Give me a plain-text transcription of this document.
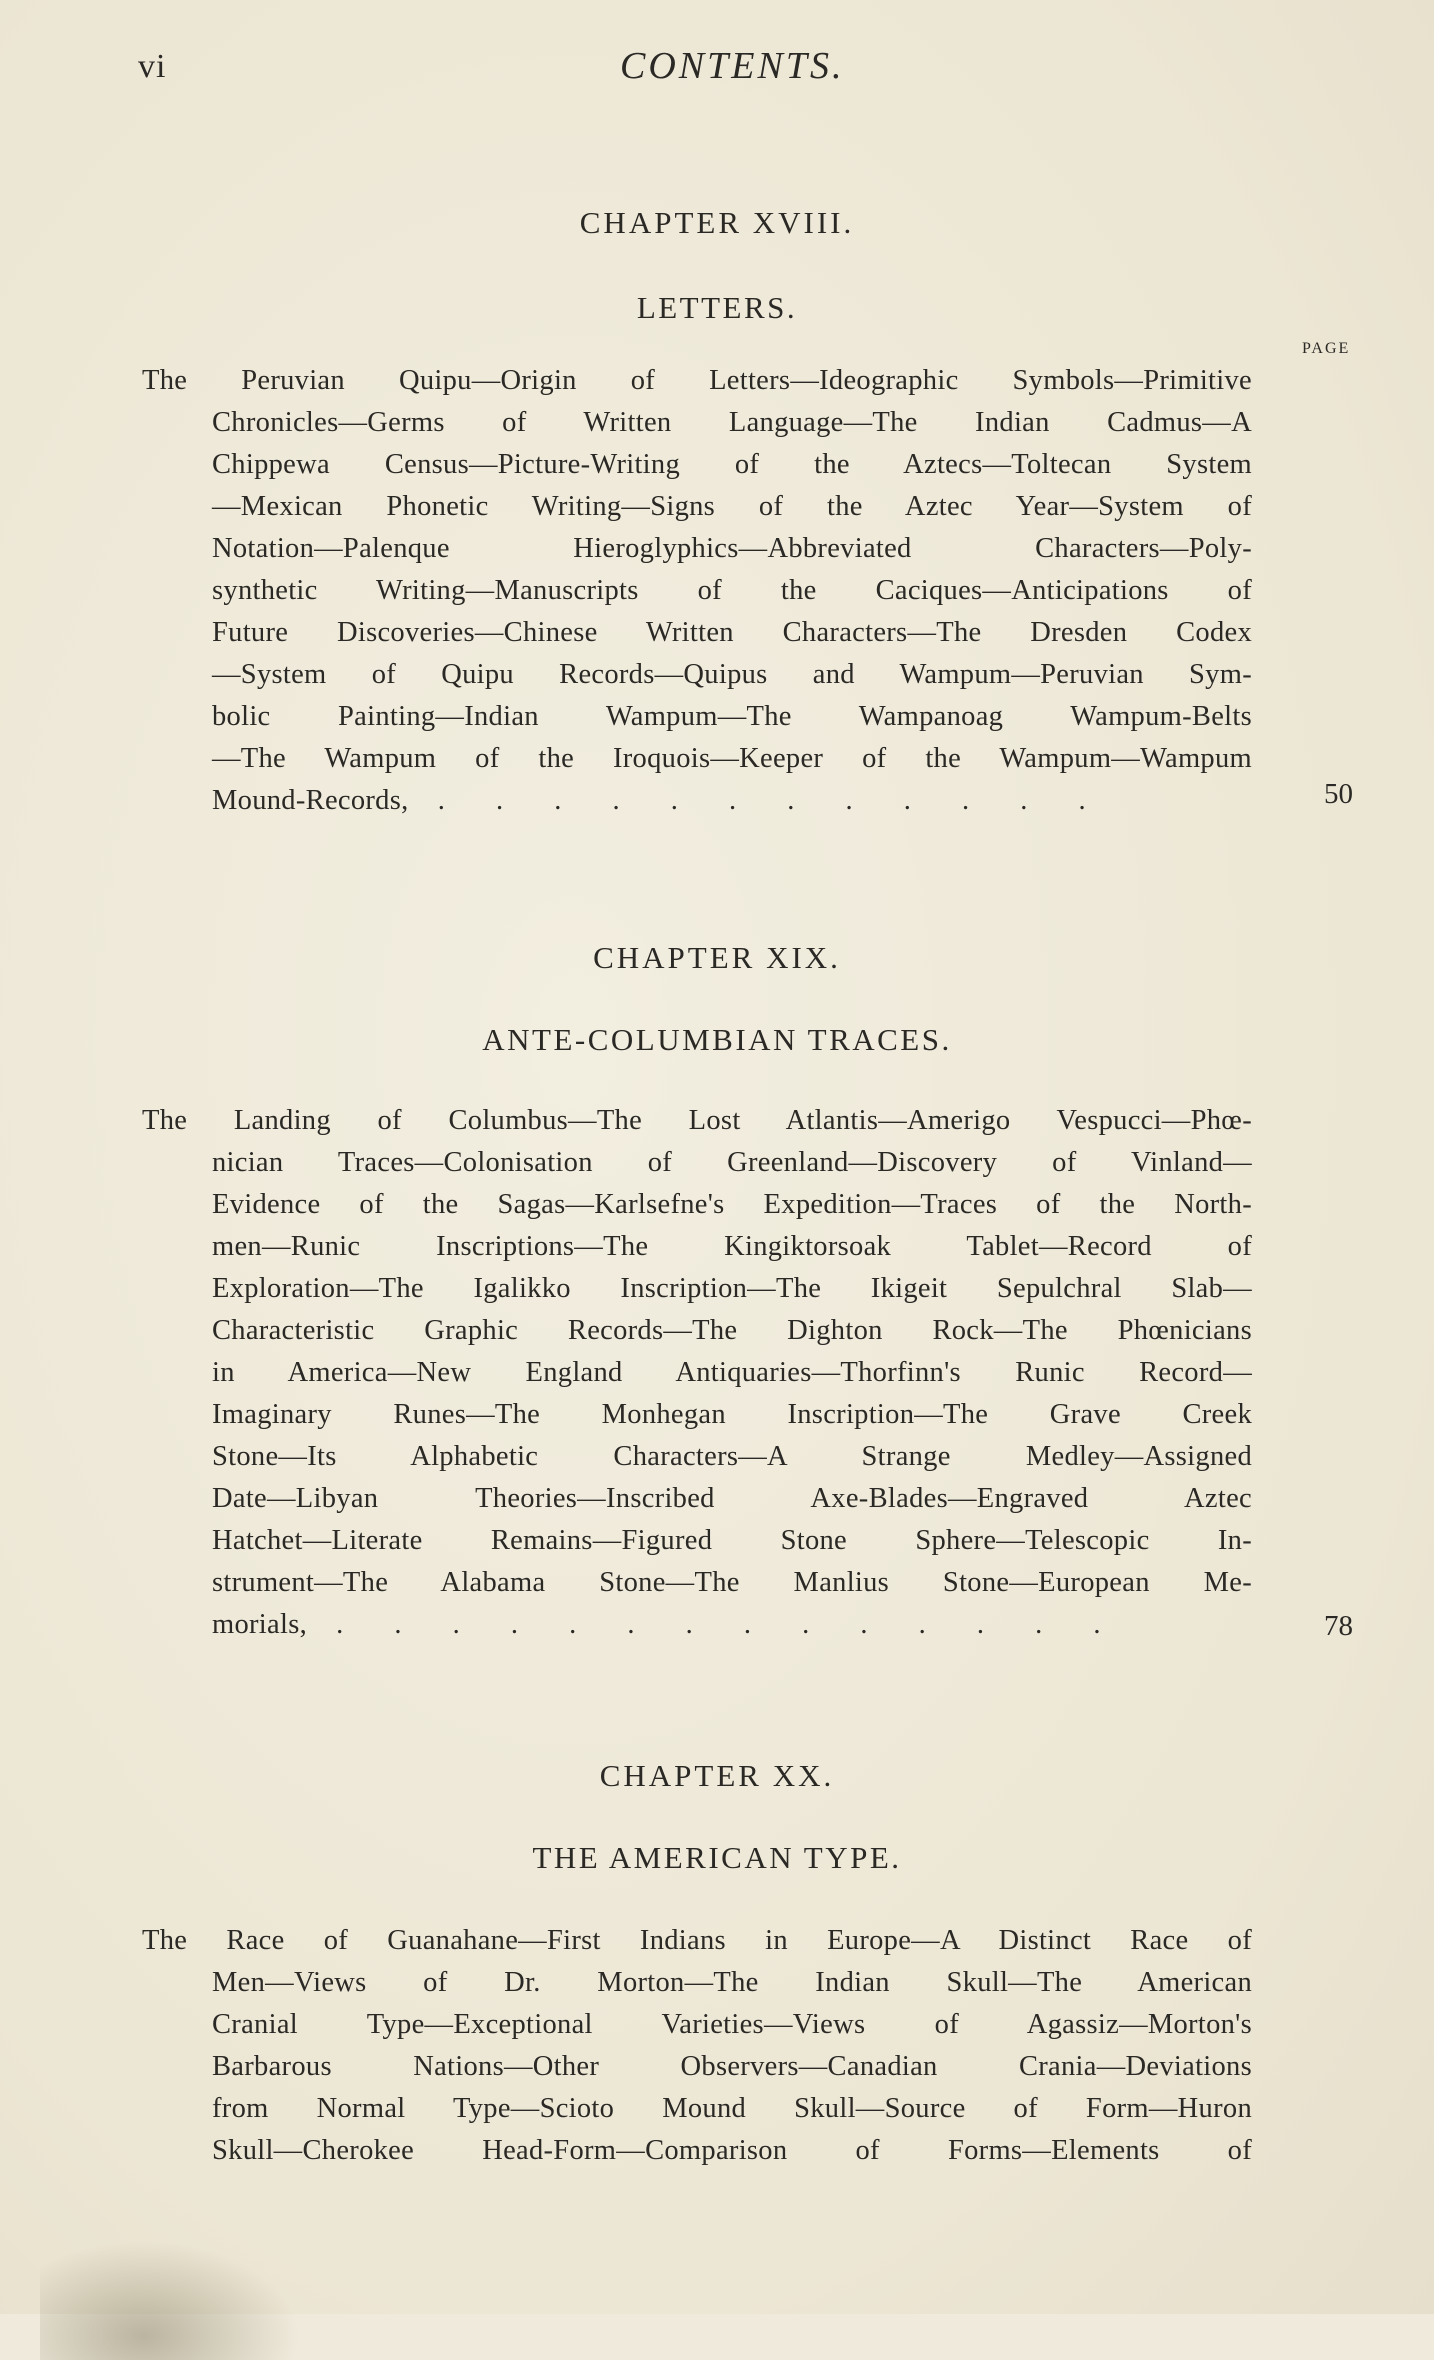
vi	CONTENTS.
CHAPTER XVIII.
LETTERS.
PAGE
The Peruvian Quipu—Origin of Letters—Ideographic Symbols—Primitive
Chronicles—Germs of Written Language—The Indian Cadmus—A
Chippewa Census—Picture-Writing of the Aztecs—Toltecan System
—Mexican Phonetic Writing—Signs of the Aztec Year—System of
Notation—Palenque Hieroglyphics—Abbreviated Characters—Poly-
synthetic Writing—Manuscripts of the Caciques—Anticipations of
Future Discoveries—Chinese Written Characters—The Dresden Codex
—System of Quipu Records—Quipus and Wampum—Peruvian Sym-
bolic Painting—Indian Wampum—The Wampanoag Wampum-Belts
—The Wampum of the Iroquois—Keeper of the Wampum—Wampum
Mound-Records, . . . . . . . . . . . .	50
CHAPTER XIX.
ANTE-COLUMBIAN TRACES.
The Landing of Columbus—The Lost Atlantis—Amerigo Vespucci—Phœ-
nician Traces—Colonisation of Greenland—Discovery of Vinland—
Evidence of the Sagas—Karlsefne's Expedition—Traces of the North-
men—Runic Inscriptions—The Kingiktorsoak Tablet—Record of
Exploration—The Igalikko Inscription—The Ikigeit Sepulchral Slab—
Characteristic Graphic Records—The Dighton Rock—The Phœnicians
in America—New England Antiquaries—Thorfinn's Runic Record—
Imaginary Runes—The Monhegan Inscription—The Grave Creek
Stone—Its Alphabetic Characters—A Strange Medley—Assigned
Date—Libyan Theories—Inscribed Axe-Blades—Engraved Aztec
Hatchet—Literate Remains—Figured Stone Sphere—Telescopic In-
strument—The Alabama Stone—The Manlius Stone—European Me-
morials, . . . . . . . . . . . . . .	78
CHAPTER XX.
THE AMERICAN TYPE.
The Race of Guanahane—First Indians in Europe—A Distinct Race of
Men—Views of Dr. Morton—The Indian Skull—The American
Cranial Type—Exceptional Varieties—Views of Agassiz—Morton's
Barbarous Nations—Other Observers—Canadian Crania—Deviations
from Normal Type—Scioto Mound Skull—Source of Form—Huron
Skull—Cherokee Head-Form—Comparison of Forms—Elements of
